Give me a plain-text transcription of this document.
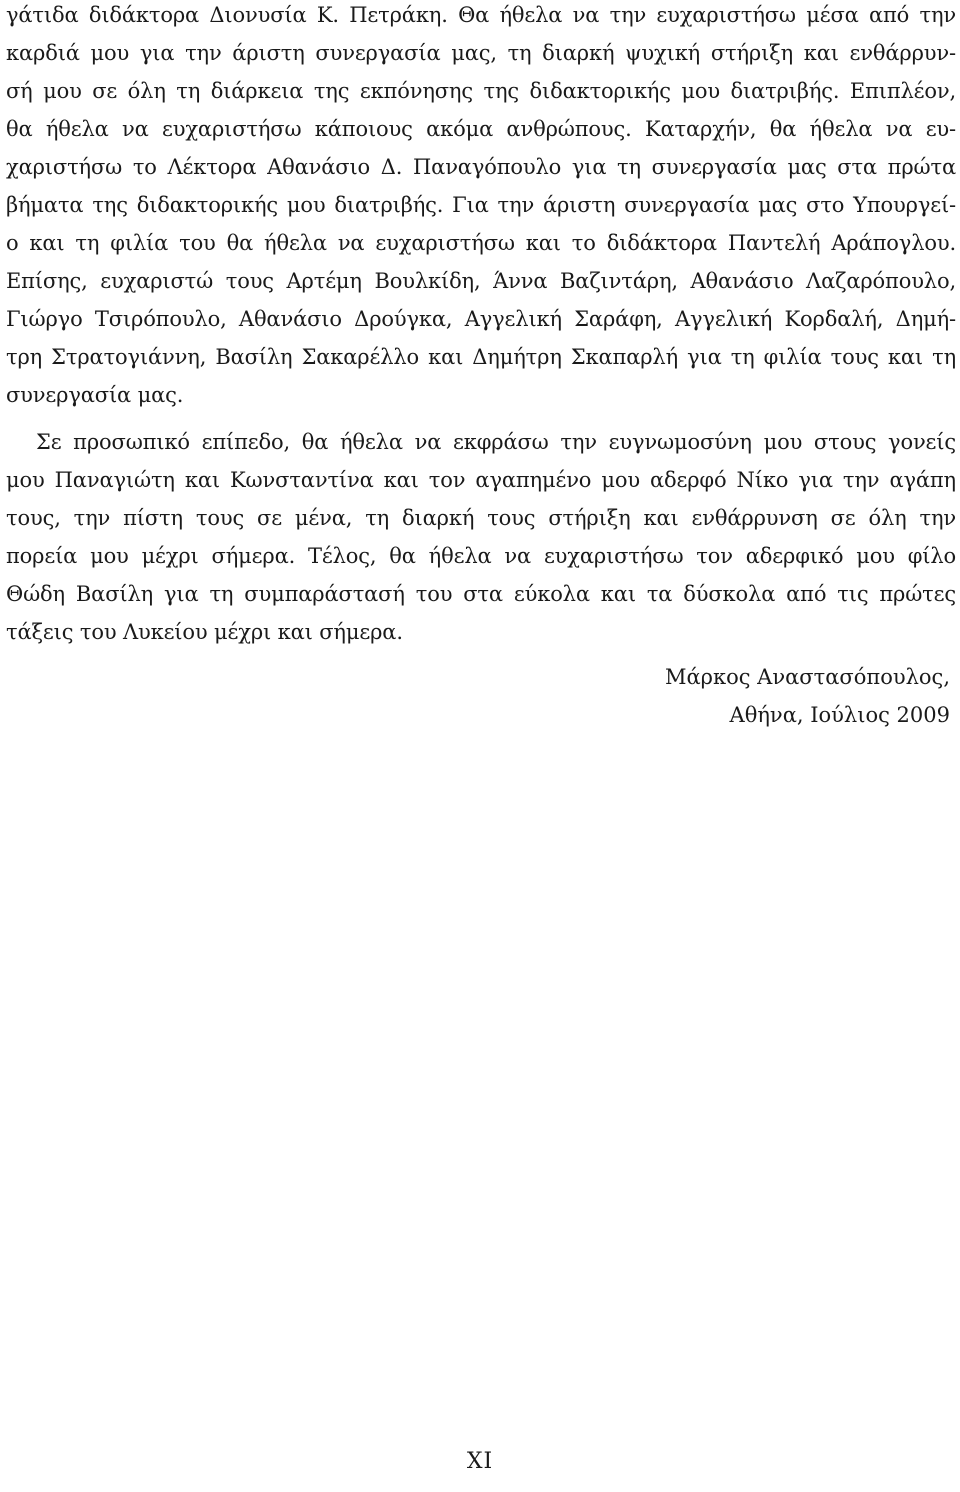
γάτιδα διδάκτορα Διονυσία Κ. Πετράκη. Θα ήθελα να την ευχαριστήσω μέσα από την
καρδιά μου για την άριστη συνεργασία μας, τη διαρκή ψυχική στήριξη και ενθάρρυν-
σή μου σε όλη τη διάρκεια της εκπόνησης της διδακτορικής μου διατριβής. Επιπλέον,
θα ήθελα να ευχαριστήσω κάποιους ακόμα ανθρώπους. Καταρχήν, θα ήθελα να ευ-
χαριστήσω το Λέκτορα Αθανάσιο Δ. Παναγόπουλο για τη συνεργασία μας στα πρώτα
βήματα της διδακτορικής μου διατριβής. Για την άριστη συνεργασία μας στο Υπουργεί-
ο και τη φιλία του θα ήθελα να ευχαριστήσω και το διδάκτορα Παντελή Αράπογλου.
Επίσης, ευχαριστώ τους Αρτέμη Βουλκίδη, Άννα Βαζιντάρη, Αθανάσιο Λαζαρόπουλο,
Γιώργο Τσιρόπουλο, Αθανάσιο Δρούγκα, Αγγελική Σαράφη, Αγγελική Κορδαλή, Δημή-
τρη Στρατογιάννη, Βασίλη Σακαρέλλο και Δημήτρη Σκαπαρλή για τη φιλία τους και τη
συνεργασία μας.
Σε προσωπικό επίπεδο, θα ήθελα να εκφράσω την ευγνωμοσύνη μου στους γονείς
μου Παναγιώτη και Κωνσταντίνα και τον αγαπημένο μου αδερφό Νίκο για την αγάπη
τους, την πίστη τους σε μένα, τη διαρκή τους στήριξη και ενθάρρυνση σε όλη την
πορεία μου μέχρι σήμερα. Τέλος, θα ήθελα να ευχαριστήσω τον αδερφικό μου φίλο
Θώδη Βασίλη για τη συμπαράστασή του στα εύκολα και τα δύσκολα από τις πρώτες
τάξεις του Λυκείου μέχρι και σήμερα.
Μάρκος Αναστασόπουλος,
Αθήνα, Ιούλιος 2009
XI
